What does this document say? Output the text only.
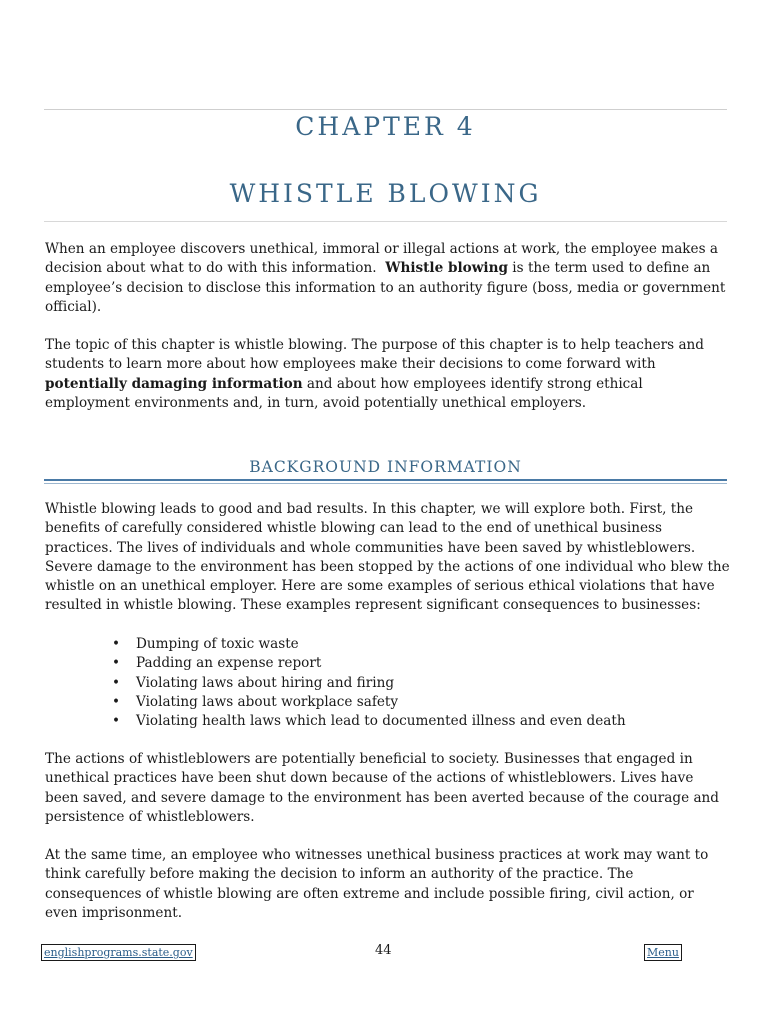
CHAPTER 4
WHISTLE BLOWING

When an employee discovers unethical, immoral or illegal actions at work, the employee makes a decision about what to do with this information.  Whistle blowing is the term used to define an employee’s decision to disclose this information to an authority figure (boss, media or government official).

The topic of this chapter is whistle blowing. The purpose of this chapter is to help teachers and students to learn more about how employees make their decisions to come forward with potentially damaging information and about how employees identify strong ethical employment environments and, in turn, avoid potentially unethical employers.

BACKGROUND INFORMATION

Whistle blowing leads to good and bad results. In this chapter, we will explore both. First, the benefits of carefully considered whistle blowing can lead to the end of unethical business practices. The lives of individuals and whole communities have been saved by whistleblowers. Severe damage to the environment has been stopped by the actions of one individual who blew the whistle on an unethical employer. Here are some examples of serious ethical violations that have resulted in whistle blowing. These examples represent significant consequences to businesses:

• Dumping of toxic waste
• Padding an expense report
• Violating laws about hiring and firing
• Violating laws about workplace safety
• Violating health laws which lead to documented illness and even death

The actions of whistleblowers are potentially beneficial to society. Businesses that engaged in unethical practices have been shut down because of the actions of whistleblowers. Lives have been saved, and severe damage to the environment has been averted because of the courage and persistence of whistleblowers.

At the same time, an employee who witnesses unethical business practices at work may want to think carefully before making the decision to inform an authority of the practice. The consequences of whistle blowing are often extreme and include possible firing, civil action, or even imprisonment.

englishprograms.state.gov	44	Menu
